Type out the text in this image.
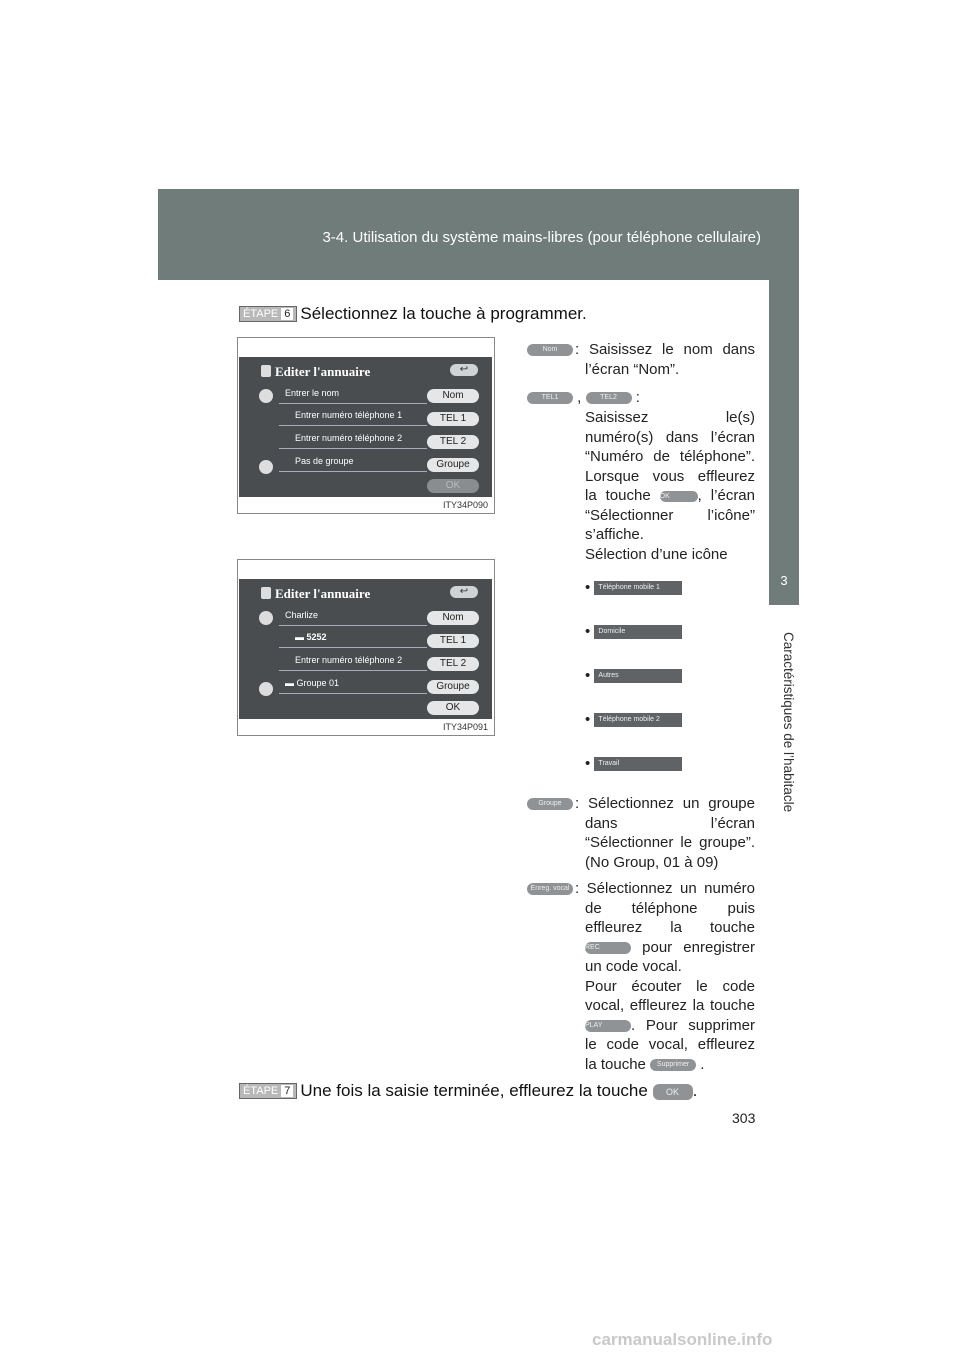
3-4. Utilisation du système mains-libres (pour téléphone cellulaire)
3
Caractéristiques de l’habitacle
ÉTAPE 6 Sélectionnez la touche à programmer.
Editer l'annuaire	↩
Entrer le nom
Entrer numéro téléphone 1
Entrer numéro téléphone 2
Pas de groupe
Nom
TEL 1
TEL 2
Groupe
OK
ITY34P090
Editer l'annuaire	↩
Charlize
▬ 5252
Entrer numéro téléphone 2
▬ Groupe 01
Nom
TEL 1
TEL 2
Groupe
OK
ITY34P091
Nom	: Saisissez le nom dans
l’écran “Nom”.
TEL1 ,	TEL2 :
Saisissez le(s)
numéro(s) dans l’écran
“Numéro de téléphone”.
Lorsque vous effleurez
la touche OK , l’écran
“Sélectionner l’icône”
s’affiche.
Sélection d’une icône
• Téléphone mobile 1
• Domicile
• Autres
• Téléphone mobile 2
• Travail
Groupe : Sélectionnez un groupe
dans l’écran
“Sélectionner le groupe”.
(No Group, 01 à 09)
Enreg. vocal : Sélectionnez un numéro
de téléphone puis
effleurez la touche
REC	pour enregistrer
un code vocal.
Pour écouter le code
vocal, effleurez la touche
PLAY . Pour supprimer
le code vocal, effleurez
la touche Supprimer .
ÉTAPE 7 Une fois la saisie terminée, effleurez la touche OK .
303
carmanualsonline.info
